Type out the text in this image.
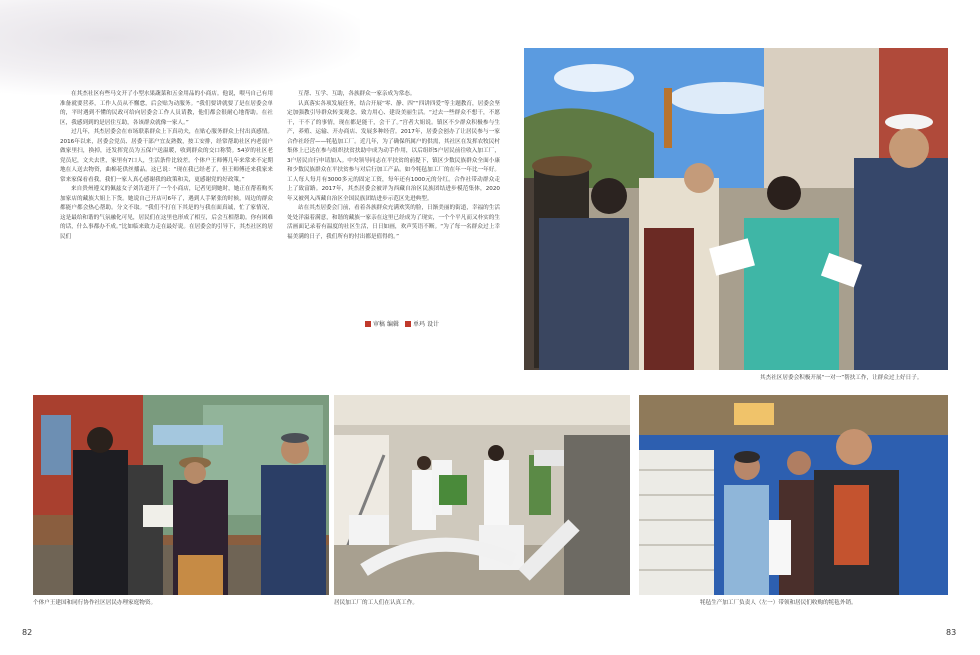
在其杰社区有些马文开了小型水果蔬菜和五金用品的小商店。他说，喂马自己有用准备就要营养，工作人员从不懈怠，后会贴为动服务。“我们要讲就要了是在居委会单的，平时遇到不懂的民政可给向居委会工作人员请教，他们都会很耐心地帮助。在社区，我感到到的是居住互助，各该群众就像一家人。”

过几年，其杰居委会在市场联系群众上下真功夫，在贴心服务群众上付出真感情。2016年以来，居委会党员、居委干部户宜友熟数，按工安排，经常帮助社区内老弱户做家里扫，换掉，还发挥党员为五保户送温暖，收到群众的交口称赞。54岁的社区老党员尼，文夫去世，家里有7口人，生活条件比较差。个体户王师傅几年来常来不定期地在人送去物资，曲棉花供丝播品。这已说：“现在我已经老了，但王师傅还来我家来常来家保看看我，我们一家人真心感谢我的政策和关，更感谢党的好政策。”

来自贵州遵义的佩兹女子刘告道开了一个小商店，记者见到她时，她正在帮着购买加家店的藏族大姐上下货。她说自己开店可6年了，遇到人手紧张的时候，周边的群众都能户都会热心帮助。分文不取。“我们不打在下其是的与我在面真诚，忙了家情况，这是最给和谐的气氛融化可见，居民们在这里也形成了相互，后会互相帮助。你有困难的话，什么事都办不成。”比如临来致力走在最好说。在居委会的引导下，其杰社区的居民们

互帮、互学、互助，各族群众一家亲成为常态。

认真落实各项发展任务，结合开展“零、静、四”“四讲四爱”等主题教育，居委会坚定加强教引导群众转变观念，致力用心、建设美丽生活。“过去一些群众不想干，不愿干，干不了的事情，现在都是能干，会干了。”宫者大姐说。镇区不少群众积极参与生产，养殖、运输、开办商店、发展多种经营。2017年，居委会创办了让居民参与一家合作社经营——牦毡加工厂。近几年，为了确保所属户的供需，其社区在发挥农牧民村集体上已达在参与组织扶贫扶助中成为动手作用，以后组织5户居民前往收入加工厂，3户居民自行申请加入。中央领导同志在平扶贫的前提下，镇区少数民族群众全面小康和少数民族群众在平扶贫参与对后行加工产品。如今牦毡加工厂的在年一年比一年好。工人每人每月有3000多元的固定工资，每年还有1000元的分红。合作社带动群众走上了致富路。2017年，其杰居委会被评为西藏自治区民族团结进步模范集体，2020年又被列入西藏自治区全国民族团结进步示范区先进典型。

站在其杰居委会门前，看着各族群众充满欢笑的脸，日渐美丽的街道，幸福的生活处处洋溢着满意，和谐的藏族一家亲在这里已经成为了现实，一个个平凡而又朴实的生活画面记录着有温度的社区生活，日日如画，欢声笑语不断。“为了每一名群众过上幸福美满的日子，我们所有的付出都是值得的。”

审稿 编辑 单玛 设计
其杰社区居委会积极开展“一对一”帮扶工作，让群众过上好日子。
个体户王建国和同行协作社区居民办理家庭物资。	居民加工厂的工人们在认真工作。	牦毡生产加工厂负责人（左一）带领和居民们收购的牦毡外销。
82	83
